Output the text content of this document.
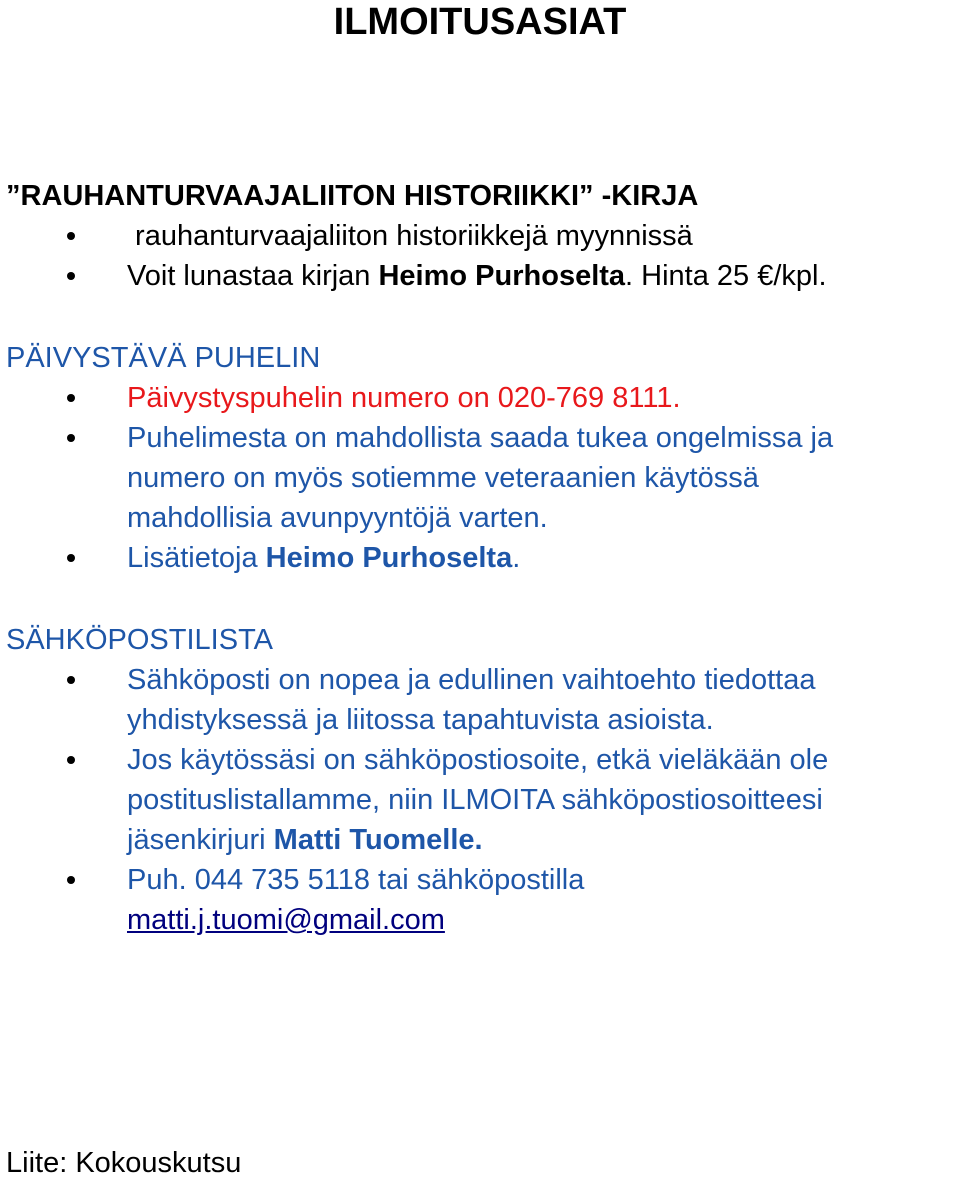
ILMOITUSASIAT

”RAUHANTURVAAJALIITON HISTORIIKKI” -KIRJA

rauhanturvaajaliiton historiikkejä myynnissä
Voit lunastaa kirjan Heimo Purhoselta. Hinta 25 €/kpl.

PÄIVYSTÄVÄ PUHELIN

Päivystyspuhelin numero on 020-769 8111.
Puhelimesta on mahdollista saada tukea ongelmissa ja
numero on myös sotiemme veteraanien käytössä
mahdollisia avunpyyntöjä varten.
Lisätietoja Heimo Purhoselta.

SÄHKÖPOSTILISTA

Sähköposti on nopea ja edullinen vaihtoehto tiedottaa
yhdistyksessä ja liitossa tapahtuvista asioista.
Jos käytössäsi on sähköpostiosoite, etkä vieläkään ole
postituslistallamme, niin ILMOITA sähköpostiosoitteesi
jäsenkirjuri Matti Tuomelle.
Puh. 044 735 5118 tai sähköpostilla
matti.j.tuomi@gmail.com

Liite: Kokouskutsu
